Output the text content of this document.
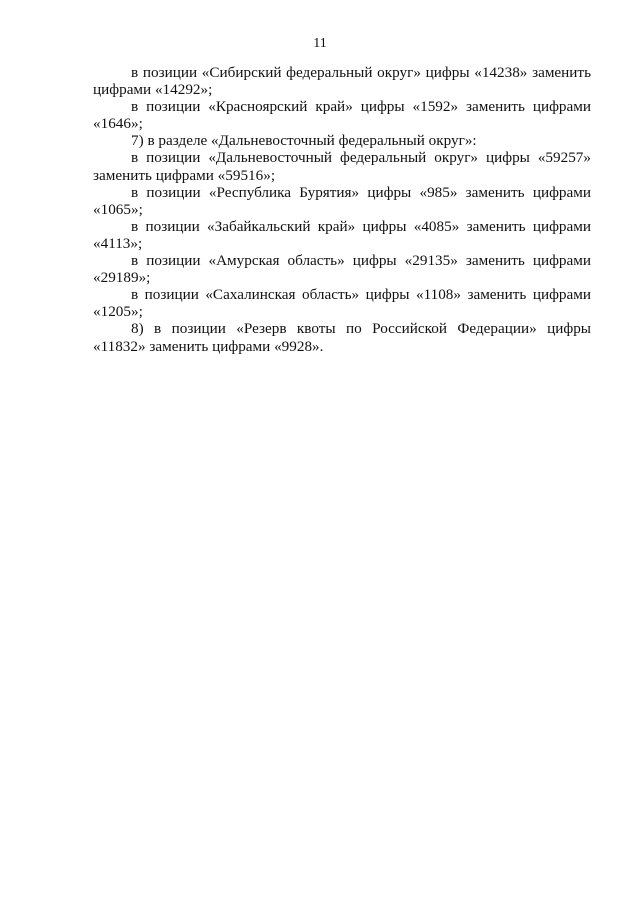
11

в позиции «Сибирский федеральный округ» цифры «14238» заменить цифрами «14292»;

в позиции «Красноярский край» цифры «1592» заменить цифрами «1646»;

7) в разделе «Дальневосточный федеральный округ»:

в позиции «Дальневосточный федеральный округ» цифры «59257» заменить цифрами «59516»;

в позиции «Республика Бурятия» цифры «985» заменить цифрами «1065»;

в позиции «Забайкальский край» цифры «4085» заменить цифрами «4113»;

в позиции «Амурская область» цифры «29135» заменить цифрами «29189»;

в позиции «Сахалинская область» цифры «1108» заменить цифрами «1205»;

8) в позиции «Резерв квоты по Российской Федерации» цифры «11832» заменить цифрами «9928».
